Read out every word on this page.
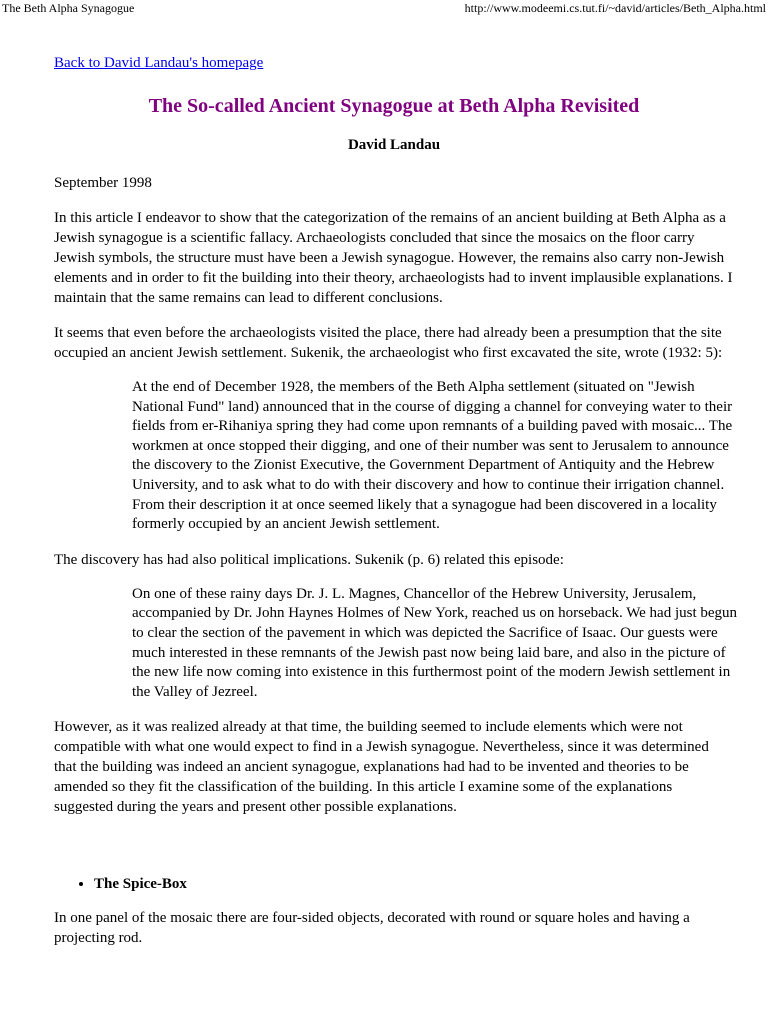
The Beth Alpha Synagogue	http://www.modeemi.cs.tut.fi/~david/articles/Beth_Alpha.html
Back to David Landau's homepage
The So-called Ancient Synagogue at Beth Alpha Revisited
David Landau

September 1998

In this article I endeavor to show that the categorization of the remains of an ancient building at Beth Alpha as a Jewish synagogue is a scientific fallacy. Archaeologists concluded that since the mosaics on the floor carry Jewish symbols, the structure must have been a Jewish synagogue. However, the remains also carry non-Jewish elements and in order to fit the building into their theory, archaeologists had to invent implausible explanations. I maintain that the same remains can lead to different conclusions.

It seems that even before the archaeologists visited the place, there had already been a presumption that the site occupied an ancient Jewish settlement. Sukenik, the archaeologist who first excavated the site, wrote (1932: 5):

At the end of December 1928, the members of the Beth Alpha settlement (situated on "Jewish National Fund" land) announced that in the course of digging a channel for conveying water to their fields from er-Rihaniya spring they had come upon remnants of a building paved with mosaic... The workmen at once stopped their digging, and one of their number was sent to Jerusalem to announce the discovery to the Zionist Executive, the Government Department of Antiquity and the Hebrew University, and to ask what to do with their discovery and how to continue their irrigation channel. From their description it at once seemed likely that a synagogue had been discovered in a locality formerly occupied by an ancient Jewish settlement.

The discovery has had also political implications. Sukenik (p. 6) related this episode:

On one of these rainy days Dr. J. L. Magnes, Chancellor of the Hebrew University, Jerusalem, accompanied by Dr. John Haynes Holmes of New York, reached us on horseback. We had just begun to clear the section of the pavement in which was depicted the Sacrifice of Isaac. Our guests were much interested in these remnants of the Jewish past now being laid bare, and also in the picture of the new life now coming into existence in this furthermost point of the modern Jewish settlement in the Valley of Jezreel.

However, as it was realized already at that time, the building seemed to include elements which were not compatible with what one would expect to find in a Jewish synagogue. Nevertheless, since it was determined that the building was indeed an ancient synagogue, explanations had had to be invented and theories to be amended so they fit the classification of the building. In this article I examine some of the explanations suggested during the years and present other possible explanations.

• The Spice-Box

In one panel of the mosaic there are four-sided objects, decorated with round or square holes and having a projecting rod.
